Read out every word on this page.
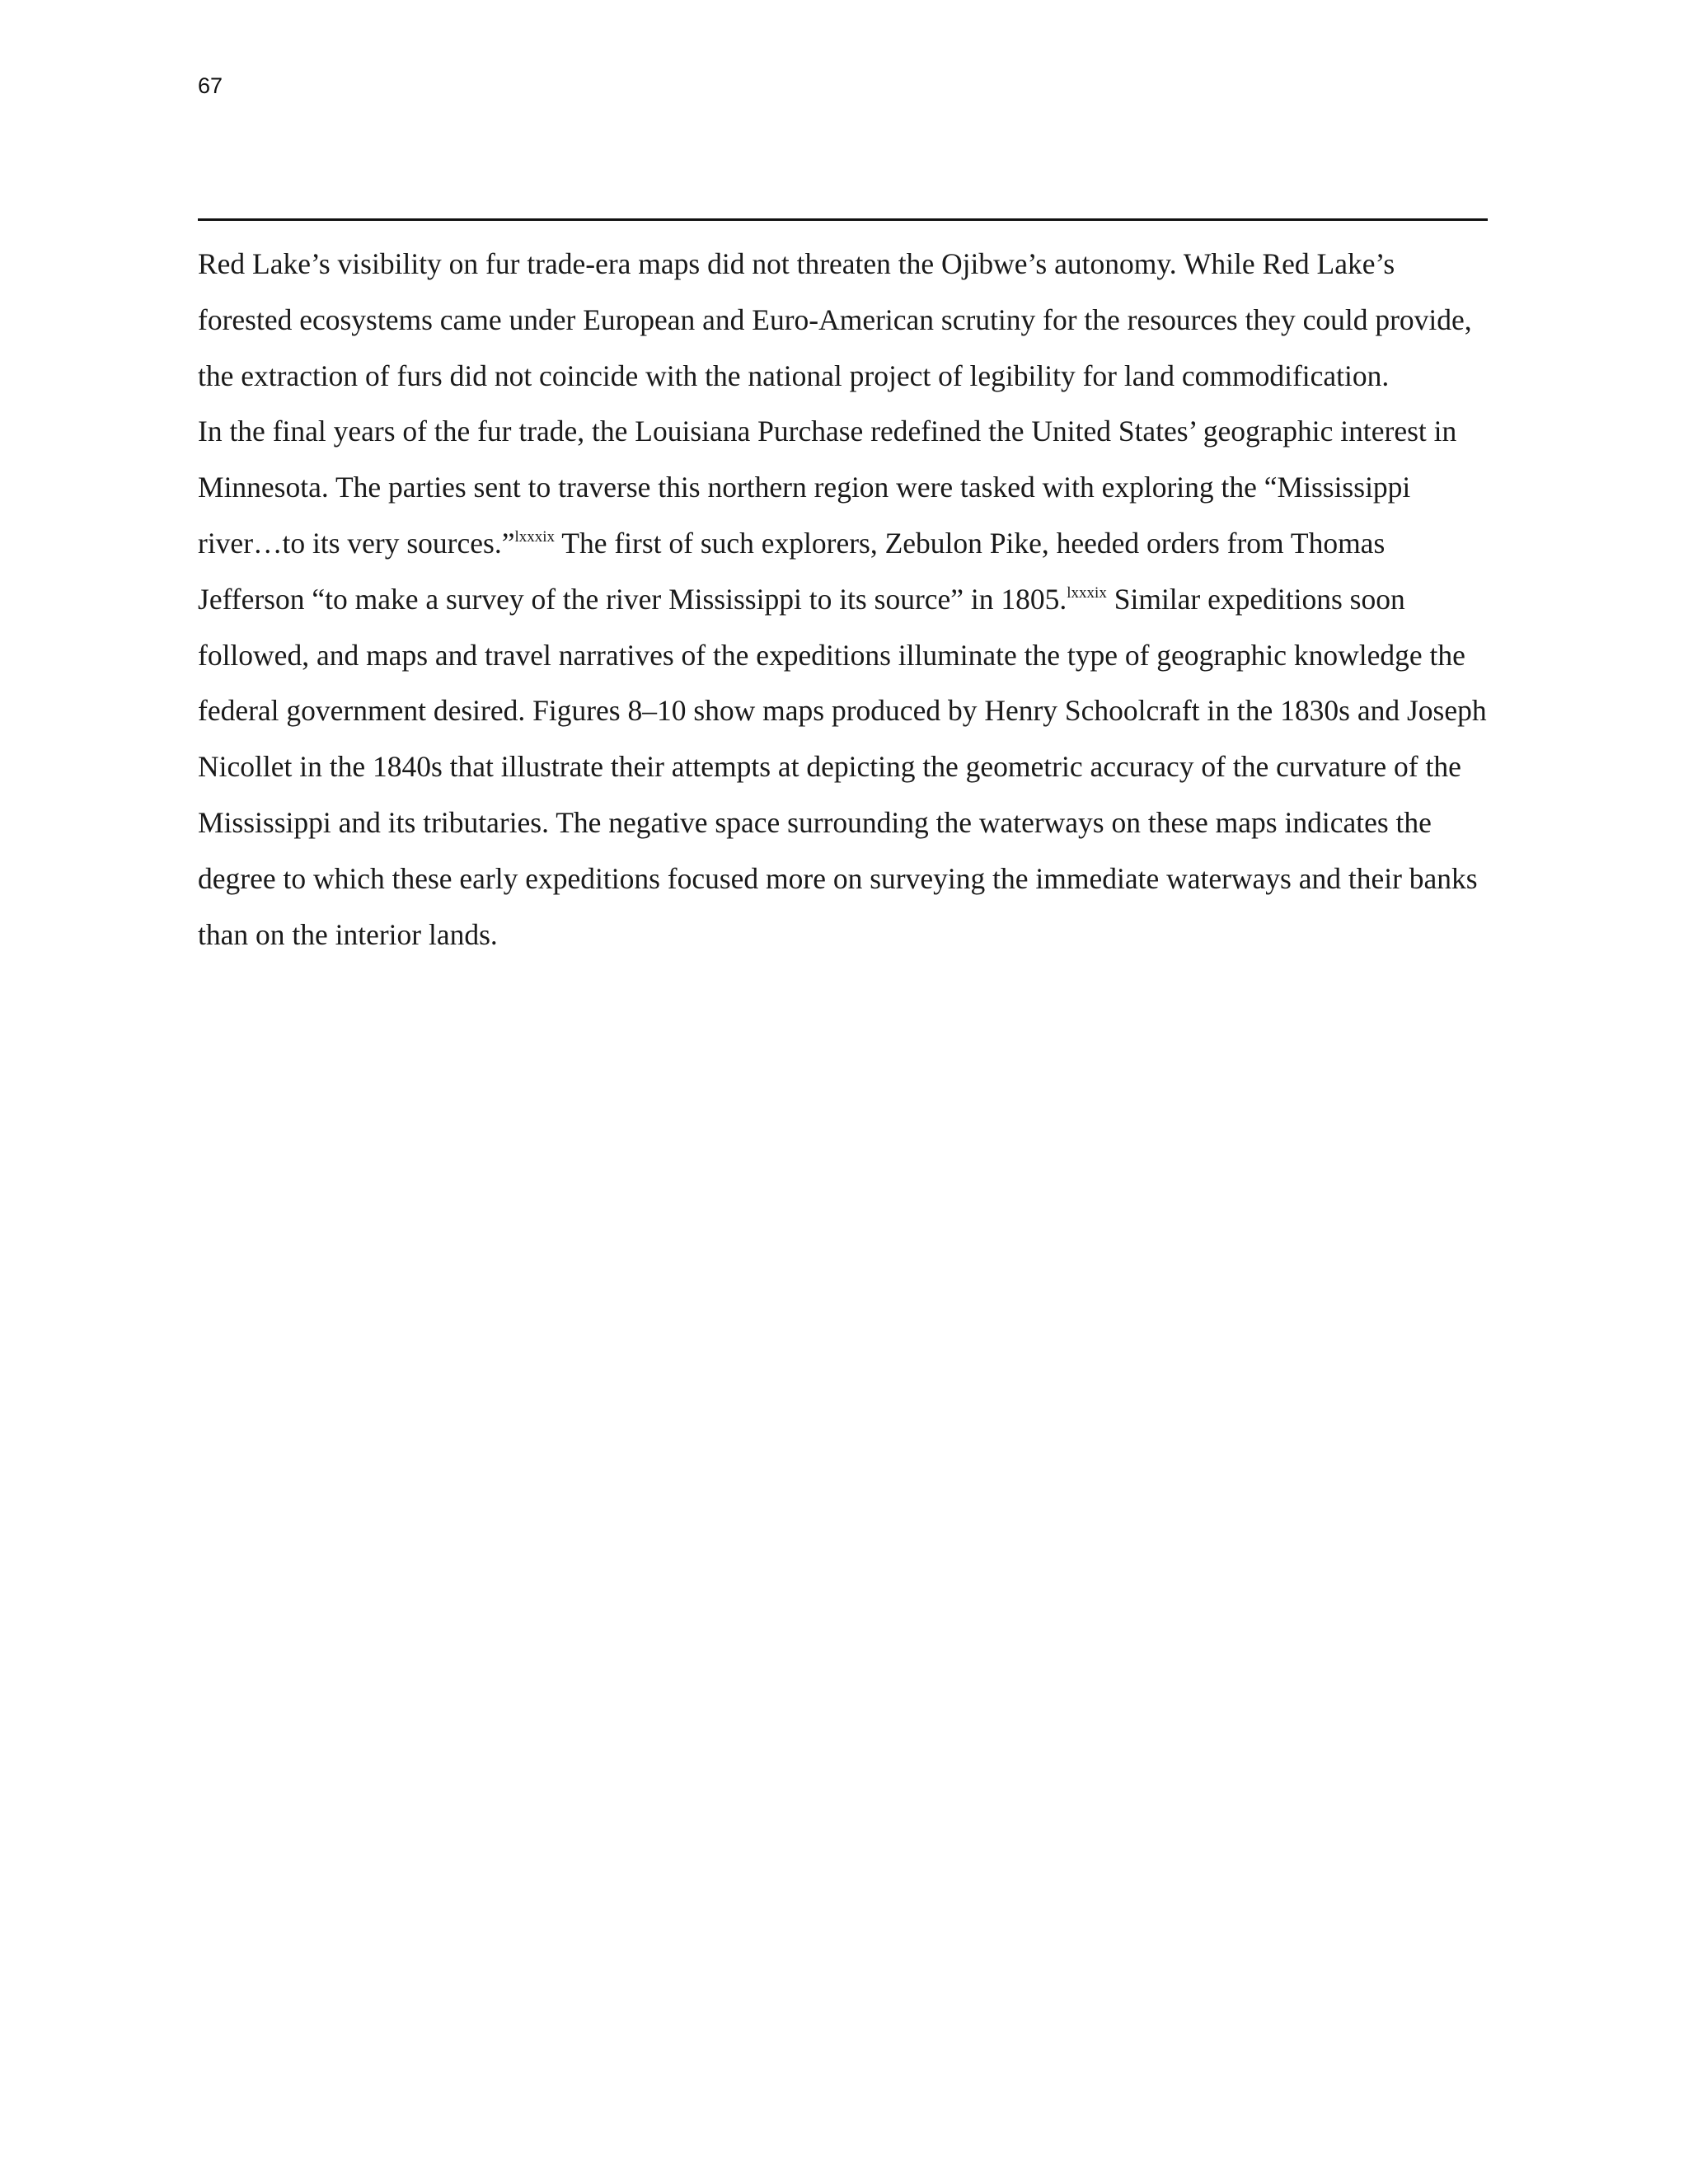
67

Red Lake’s visibility on fur trade-era maps did not threaten the Ojibwe’s autonomy. While Red Lake’s forested ecosystems came under European and Euro-American scrutiny for the resources they could provide, the extraction of furs did not coincide with the national project of legibility for land commodification.

In the final years of the fur trade, the Louisiana Purchase redefined the United States’ geographic interest in Minnesota. The parties sent to traverse this northern region were tasked with exploring the “Mississippi river…to its very sources.”$^{lxxxix}$ The first of such explorers, Zebulon Pike, heeded orders from Thomas Jefferson “to make a survey of the river Mississippi to its source” in 1805.$^{lxxxix}$ Similar expeditions soon followed, and maps and travel narratives of the expeditions illuminate the type of geographic knowledge the federal government desired. Figures 8–10 show maps produced by Henry Schoolcraft in the 1830s and Joseph Nicollet in the 1840s that illustrate their attempts at depicting the geometric accuracy of the curvature of the Mississippi and its tributaries. The negative space surrounding the waterways on these maps indicates the degree to which these early expeditions focused more on surveying the immediate waterways and their banks than on the interior lands.
